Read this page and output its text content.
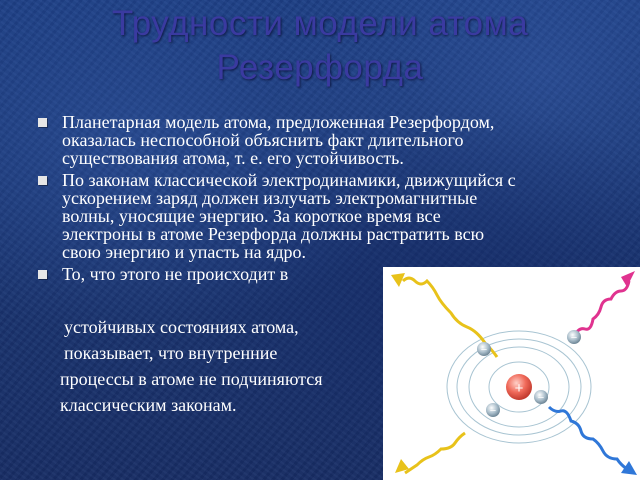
Трудности модели атома
Резерфорда
Планетарная модель атома, предложенная Резерфордом,
оказалась неспособной объяснить факт длительного
существования атома, т. е. его устойчивость.
По законам классической электродинамики, движущийся с
ускорением заряд должен излучать электромагнитные
волны, уносящие энергию. За короткое время все
электроны в атоме Резерфорда должны растратить всю
свою энергию и упасть на ядро.
То, что этого не происходит в
устойчивых состояниях атома,
показывает, что внутренние
процессы в атоме не подчиняются
классическим законам.
+
−
−
−
−
